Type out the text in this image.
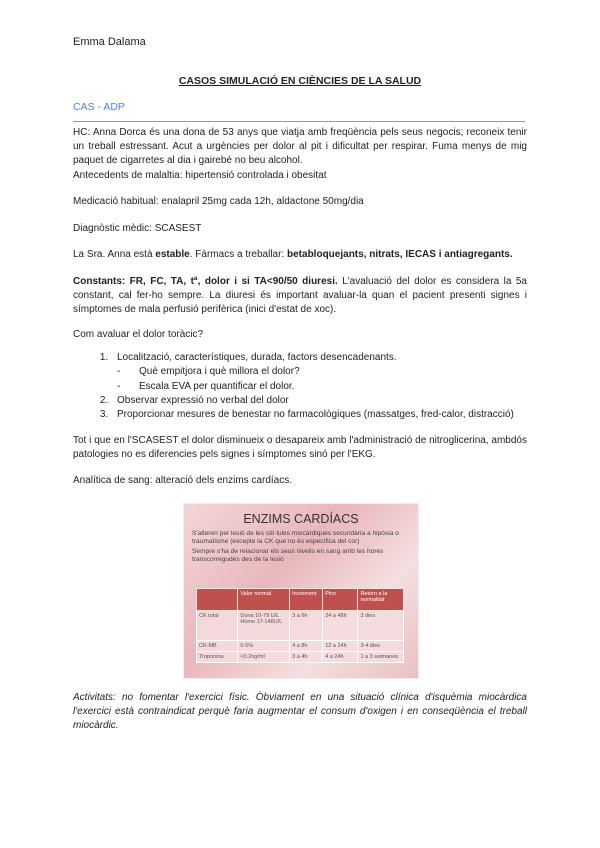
Emma Dalama
CASOS SIMULACIÓ EN CIÈNCIES DE LA SALUD
CAS - ADP
HC: Anna Dorca és una dona de 53 anys que viatja amb freqüència pels seus negocis; reconeix tenir un treball estressant. Acut a urgències per dolor al pit i dificultat per respirar. Fuma menys de mig paquet de cigarretes al dia i gairebé no beu alcohol.
Antecedents de malaltia: hipertensió controlada i obesitat
Medicació habitual: enalapril 25mg cada 12h, aldactone 50mg/dia
Diagnòstic mèdic: SCASEST
La Sra. Anna està estable. Fàrmacs a treballar: betabloquejants, nitrats, IECAS i antiagregants.
Constants: FR, FC, TA, tª, dolor i si TA<90/50 diuresi. L'avaluació del dolor es considera la 5a constant, cal fer-ho sempre. La diuresi és important avaluar-la quan el pacient presenti signes i símptomes de mala perfusió perifèrica (inici d'estat de xoc).
Com avaluar el dolor toràcic?
1. Localització, característiques, durada, factors desencadenants.
- Què empitjora i què millora el dolor?
- Escala EVA per quantificar el dolor.
2. Observar expressió no verbal del dolor
3. Proporcionar mesures de benestar no farmacològiques (massatges, fred-calor, distracció)
Tot i que en l'SCASEST el dolor disminueix o desapareix amb l'administració de nitroglicerina, ambdós patologies no es diferencies pels signes i símptomes sinó per l'EKG.
Analítica de sang: alteració dels enzims cardíacs.
ENZIMS CARDÍACS
S'alteren per lesió de les cèl·lules miocàrdiques secundària a hipòxia o traumatisme (excepte la CK que no és específica del cor)
Sempre s'ha de relacionar els seus nivells en sang amb les hores transcorregudes des de la lesió
	Valor normal	Increment	Pico	Retorn a la normalitat
CK total	Dona 10-79 U/L Home 17-148U/L	3 a 6h	24 a 48h	3 dies
CK-MB	0-5%	4 a 8h	12 a 24h	3-4 dies
Troponina	<0.2ng/ml	3 a 4h	4 a 24h	1 a 3 setmanes
Activitats: no fomentar l'exercici físic. Òbviament en una situació clínica d'isquèmia miocàrdica l'exercici està contraindicat perquè faria augmentar el consum d'oxigen i en conseqüència el treball miocàrdic.
